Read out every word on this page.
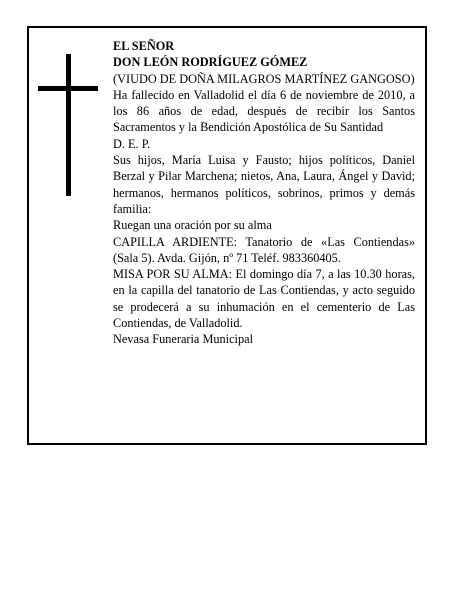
EL SEÑOR

DON LEÓN RODRÍGUEZ GÓMEZ

(VIUDO DE DOÑA MILAGROS MARTÍNEZ GANGOSO)

Ha fallecido en Valladolid el día 6 de noviembre de 2010, a los 86 años de edad, después de recibir los Santos Sacramentos y la Bendición Apostólica de Su Santidad

D. E. P.

Sus hijos, María Luisa y Fausto; hijos políticos, Daniel Berzal y Pilar Marchena; nietos, Ana, Laura, Ángel y David; hermanos, hermanos políticos, sobrinos, primos y demás familia:

Ruegan una oración por su alma

CAPILLA ARDIENTE: Tanatorio de «Las Contiendas» (Sala 5). Avda. Gijón, nº 71 Teléf. 983360405.

MISA POR SU ALMA: El domingo día 7, a las 10.30 horas, en la capilla del tanatorio de Las Contiendas, y acto seguido se prodecerá a su inhumación en el cementerio de Las Contiendas, de Valladolid.

Nevasa Funeraria Municipal
